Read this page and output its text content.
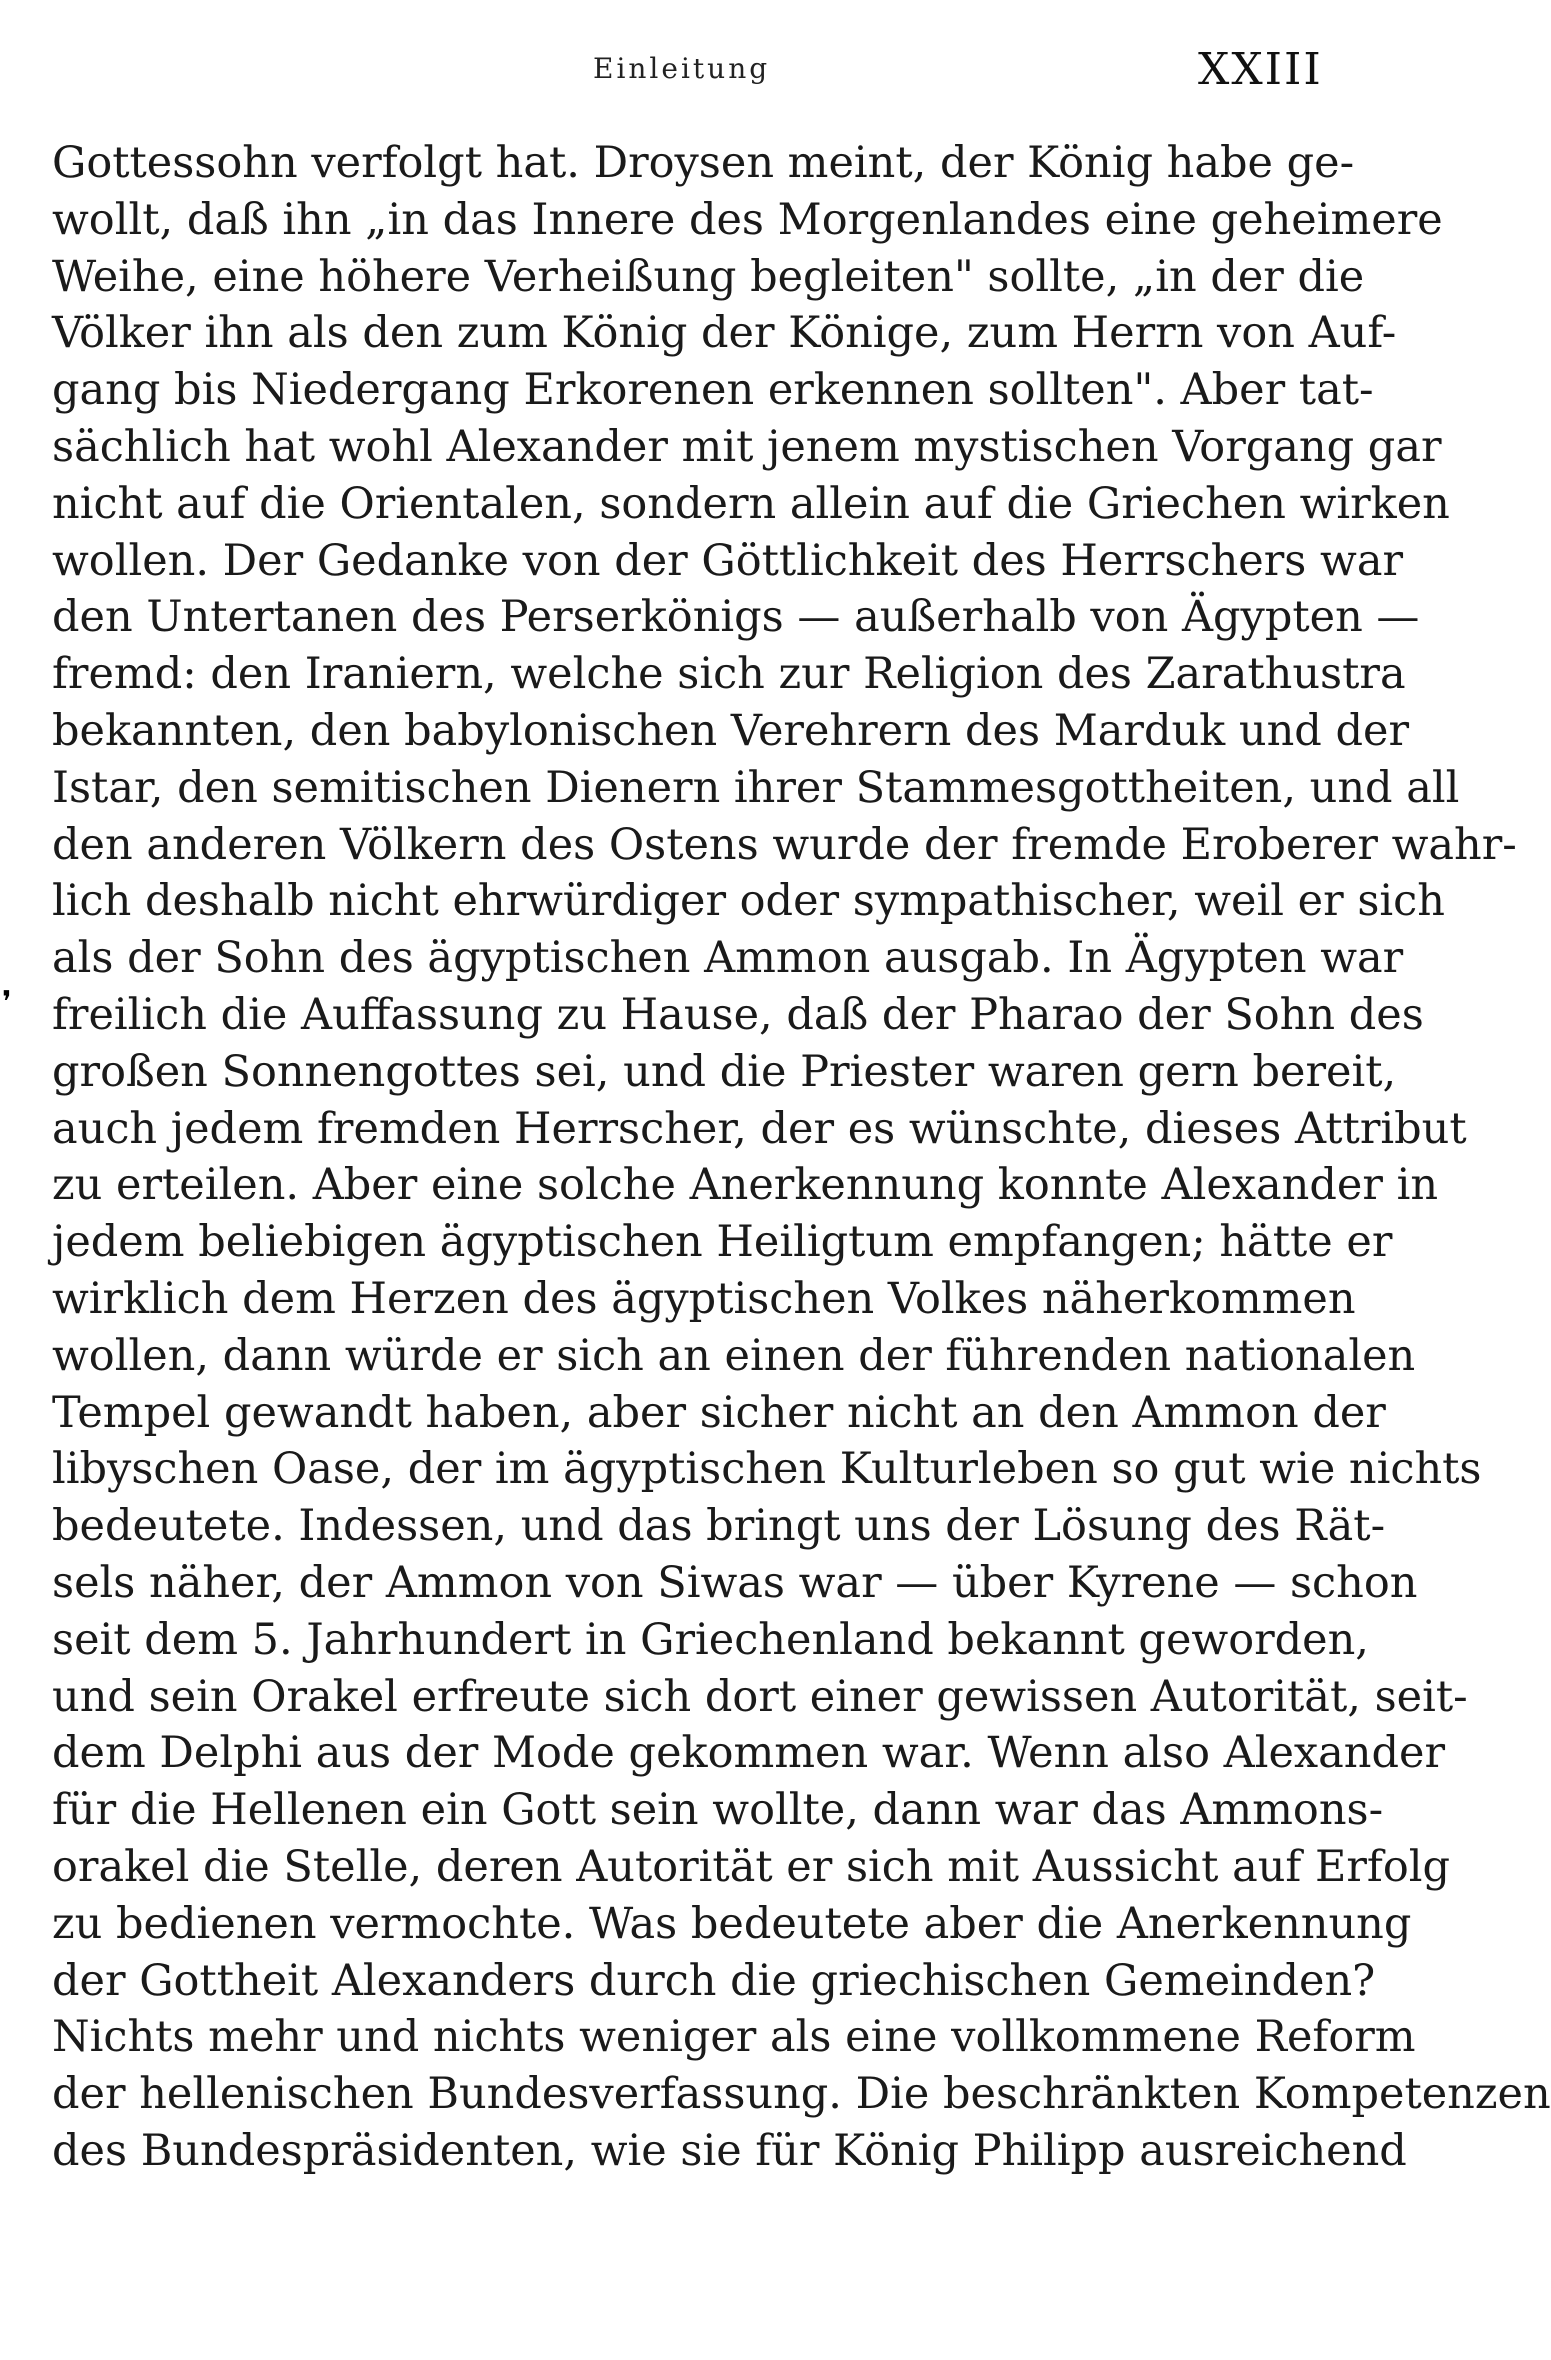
Einleitung	XXIII
❜
Gottessohn verfolgt hat. Droysen meint, der König habe ge-
wollt, daß ihn „in das Innere des Morgenlandes eine geheimere
Weihe, eine höhere Verheißung begleiten" sollte, „in der die
Völker ihn als den zum König der Könige, zum Herrn von Auf-
gang bis Niedergang Erkorenen erkennen sollten". Aber tat-
sächlich hat wohl Alexander mit jenem mystischen Vorgang gar
nicht auf die Orientalen, sondern allein auf die Griechen wirken
wollen. Der Gedanke von der Göttlichkeit des Herrschers war
den Untertanen des Perserkönigs — außerhalb von Ägypten —
fremd: den Iraniern, welche sich zur Religion des Zarathustra
bekannten, den babylonischen Verehrern des Marduk und der
Istar, den semitischen Dienern ihrer Stammesgottheiten, und all
den anderen Völkern des Ostens wurde der fremde Eroberer wahr-
lich deshalb nicht ehrwürdiger oder sympathischer, weil er sich
als der Sohn des ägyptischen Ammon ausgab. In Ägypten war
freilich die Auffassung zu Hause, daß der Pharao der Sohn des
großen Sonnengottes sei, und die Priester waren gern bereit,
auch jedem fremden Herrscher, der es wünschte, dieses Attribut
zu erteilen. Aber eine solche Anerkennung konnte Alexander in
jedem beliebigen ägyptischen Heiligtum empfangen; hätte er
wirklich dem Herzen des ägyptischen Volkes näherkommen
wollen, dann würde er sich an einen der führenden nationalen
Tempel gewandt haben, aber sicher nicht an den Ammon der
libyschen Oase, der im ägyptischen Kulturleben so gut wie nichts
bedeutete. Indessen, und das bringt uns der Lösung des Rät-
sels näher, der Ammon von Siwas war — über Kyrene — schon
seit dem 5. Jahrhundert in Griechenland bekannt geworden,
und sein Orakel erfreute sich dort einer gewissen Autorität, seit-
dem Delphi aus der Mode gekommen war. Wenn also Alexander
für die Hellenen ein Gott sein wollte, dann war das Ammons-
orakel die Stelle, deren Autorität er sich mit Aussicht auf Erfolg
zu bedienen vermochte. Was bedeutete aber die Anerkennung
der Gottheit Alexanders durch die griechischen Gemeinden?
Nichts mehr und nichts weniger als eine vollkommene Reform
der hellenischen Bundesverfassung. Die beschränkten Kompetenzen
des Bundespräsidenten, wie sie für König Philipp ausreichend
